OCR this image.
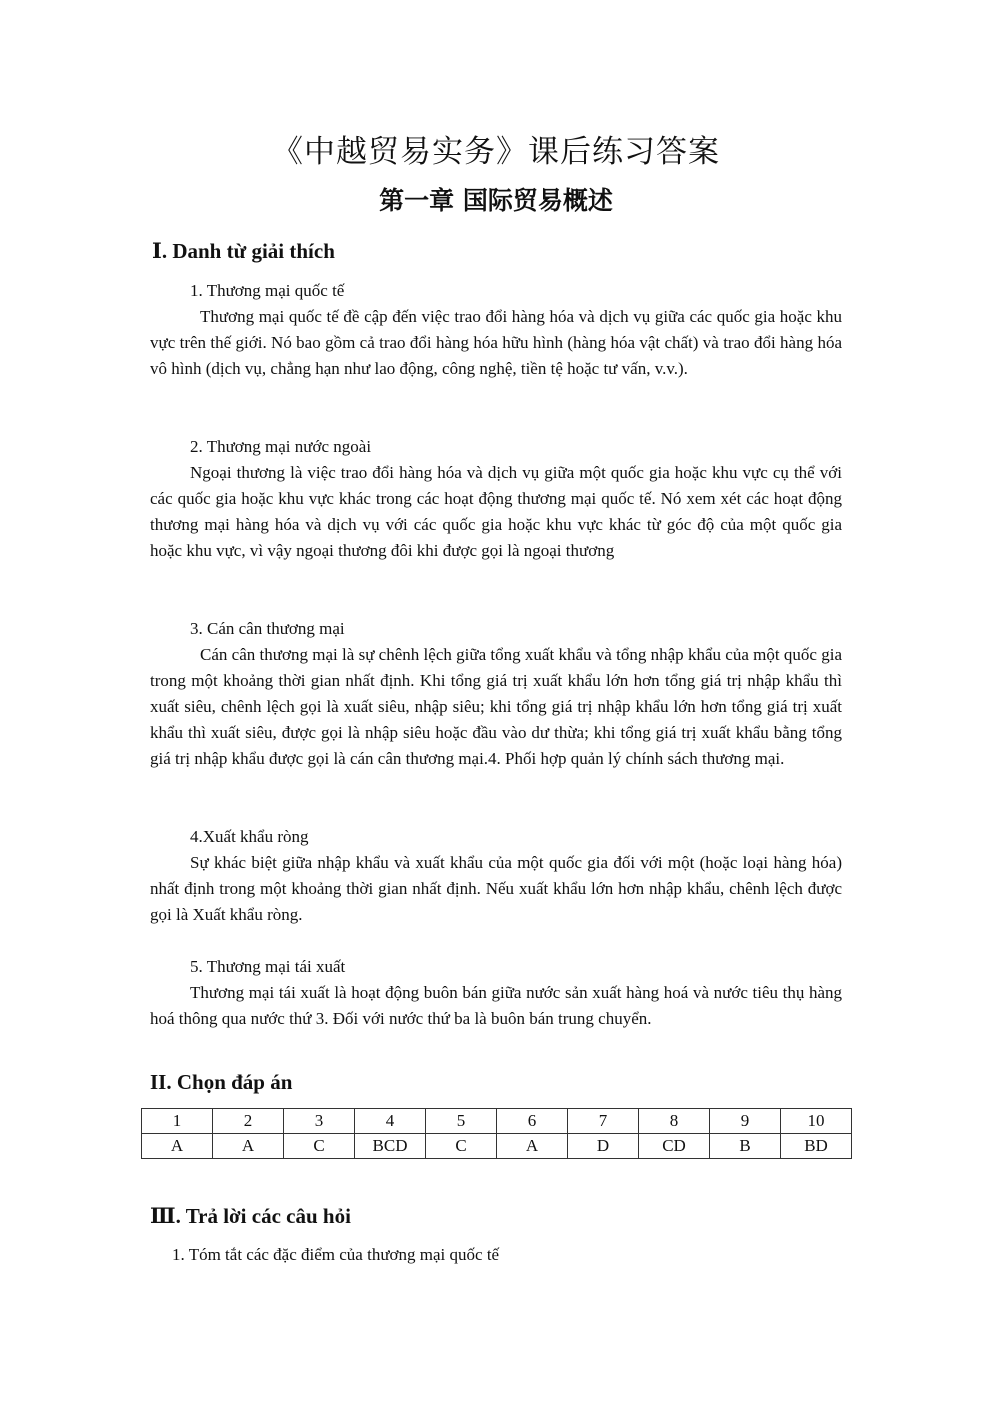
《中越贸易实务》课后练习答案
第一章 国际贸易概述
Ⅰ. Danh từ giải thích
1. Thương mại quốc tế
Thương mại quốc tế đề cập đến việc trao đổi hàng hóa và dịch vụ giữa các quốc gia hoặc khu vực trên thế giới. Nó bao gồm cả trao đổi hàng hóa hữu hình (hàng hóa vật chất) và trao đổi hàng hóa vô hình (dịch vụ, chẳng hạn như lao động, công nghệ, tiền tệ hoặc tư vấn, v.v.).
2. Thương mại nước ngoài
Ngoại thương là việc trao đổi hàng hóa và dịch vụ giữa một quốc gia hoặc khu vực cụ thể với các quốc gia hoặc khu vực khác trong các hoạt động thương mại quốc tế. Nó xem xét các hoạt động thương mại hàng hóa và dịch vụ với các quốc gia hoặc khu vực khác từ góc độ của một quốc gia hoặc khu vực, vì vậy ngoại thương đôi khi được gọi là ngoại thương
3. Cán cân thương mại
Cán cân thương mại là sự chênh lệch giữa tổng xuất khẩu và tổng nhập khẩu của một quốc gia trong một khoảng thời gian nhất định. Khi tổng giá trị xuất khẩu lớn hơn tổng giá trị nhập khẩu thì xuất siêu, chênh lệch gọi là xuất siêu, nhập siêu; khi tổng giá trị nhập khẩu lớn hơn tổng giá trị xuất khẩu thì xuất siêu, được gọi là nhập siêu hoặc đầu vào dư thừa; khi tổng giá trị xuất khẩu bằng tổng giá trị nhập khẩu được gọi là cán cân thương mại.4. Phối hợp quản lý chính sách thương mại.
4.Xuất khẩu ròng
Sự khác biệt giữa nhập khẩu và xuất khẩu của một quốc gia đối với một (hoặc loại hàng hóa) nhất định trong một khoảng thời gian nhất định. Nếu xuất khẩu lớn hơn nhập khẩu, chênh lệch được gọi là Xuất khẩu ròng.
5. Thương mại tái xuất
Thương mại tái xuất là hoạt động buôn bán giữa nước sản xuất hàng hoá và nước tiêu thụ hàng hoá thông qua nước thứ 3. Đối với nước thứ ba là buôn bán trung chuyển.
II. Chọn đáp án
1	2	3	4	5	6	7	8	9	10
A	A	C	BCD	C	A	D	CD	B	BD
Ⅲ. Trả lời các câu hỏi
1. Tóm tắt các đặc điểm của thương mại quốc tế
